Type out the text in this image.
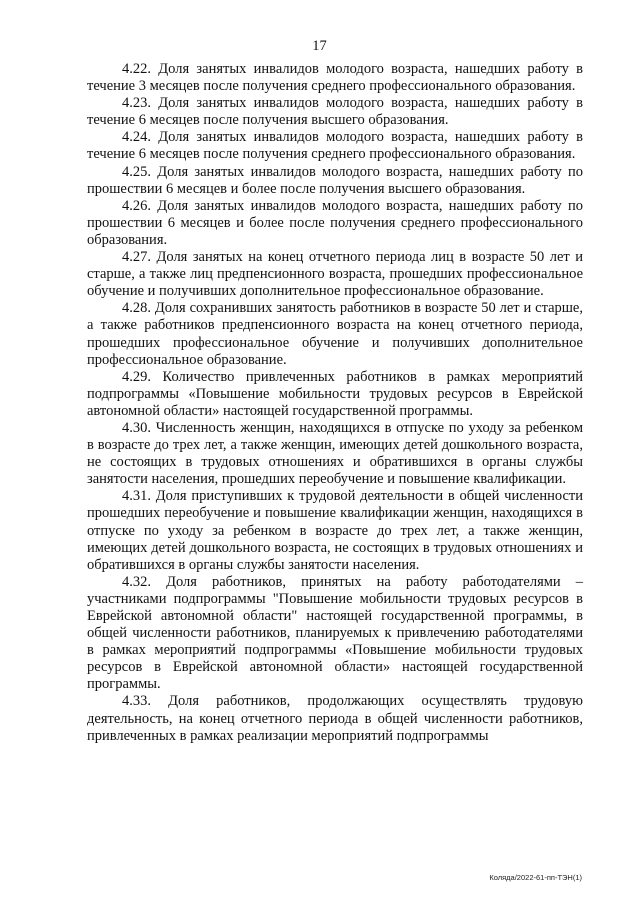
17

4.22. Доля занятых инвалидов молодого возраста, нашедших работу в течение 3 месяцев после получения среднего профессионального образования.

4.23. Доля занятых инвалидов молодого возраста, нашедших работу в течение 6 месяцев после получения высшего образования.

4.24. Доля занятых инвалидов молодого возраста, нашедших работу в течение 6 месяцев после получения среднего профессионального образования.

4.25. Доля занятых инвалидов молодого возраста, нашедших работу по прошествии 6 месяцев и более после получения высшего образования.

4.26. Доля занятых инвалидов молодого возраста, нашедших работу по прошествии 6 месяцев и более после получения среднего профессионального образования.

4.27. Доля занятых на конец отчетного периода лиц в возрасте 50 лет и старше, а также лиц предпенсионного возраста, прошедших профессиональное обучение и получивших дополнительное профессиональное образование.

4.28. Доля сохранивших занятость работников в возрасте 50 лет и старше, а также работников предпенсионного возраста на конец отчетного периода, прошедших профессиональное обучение и получивших дополнительное профессиональное образование.

4.29. Количество привлеченных работников в рамках мероприятий подпрограммы «Повышение мобильности трудовых ресурсов в Еврейской автономной области» настоящей государственной программы.

4.30. Численность женщин, находящихся в отпуске по уходу за ребенком в возрасте до трех лет, а также женщин, имеющих детей дошкольного возраста, не состоящих в трудовых отношениях и обратившихся в органы службы занятости населения, прошедших переобучение и повышение квалификации.

4.31. Доля приступивших к трудовой деятельности в общей численности прошедших переобучение и повышение квалификации женщин, находящихся в отпуске по уходу за ребенком в возрасте до трех лет, а также женщин, имеющих детей дошкольного возраста, не состоящих в трудовых отношениях и обратившихся в органы службы занятости населения.

4.32. Доля работников, принятых на работу работодателями – участниками подпрограммы "Повышение мобильности трудовых ресурсов в Еврейской автономной области" настоящей государственной программы, в общей численности работников, планируемых к привлечению работодателями в рамках мероприятий подпрограммы «Повышение мобильности трудовых ресурсов в Еврейской автономной области» настоящей государственной программы.

4.33. Доля работников, продолжающих осуществлять трудовую деятельность, на конец отчетного периода в общей численности работников, привлеченных в рамках реализации мероприятий подпрограммы

Коляда/2022-61-пп-ТЭН(1)
